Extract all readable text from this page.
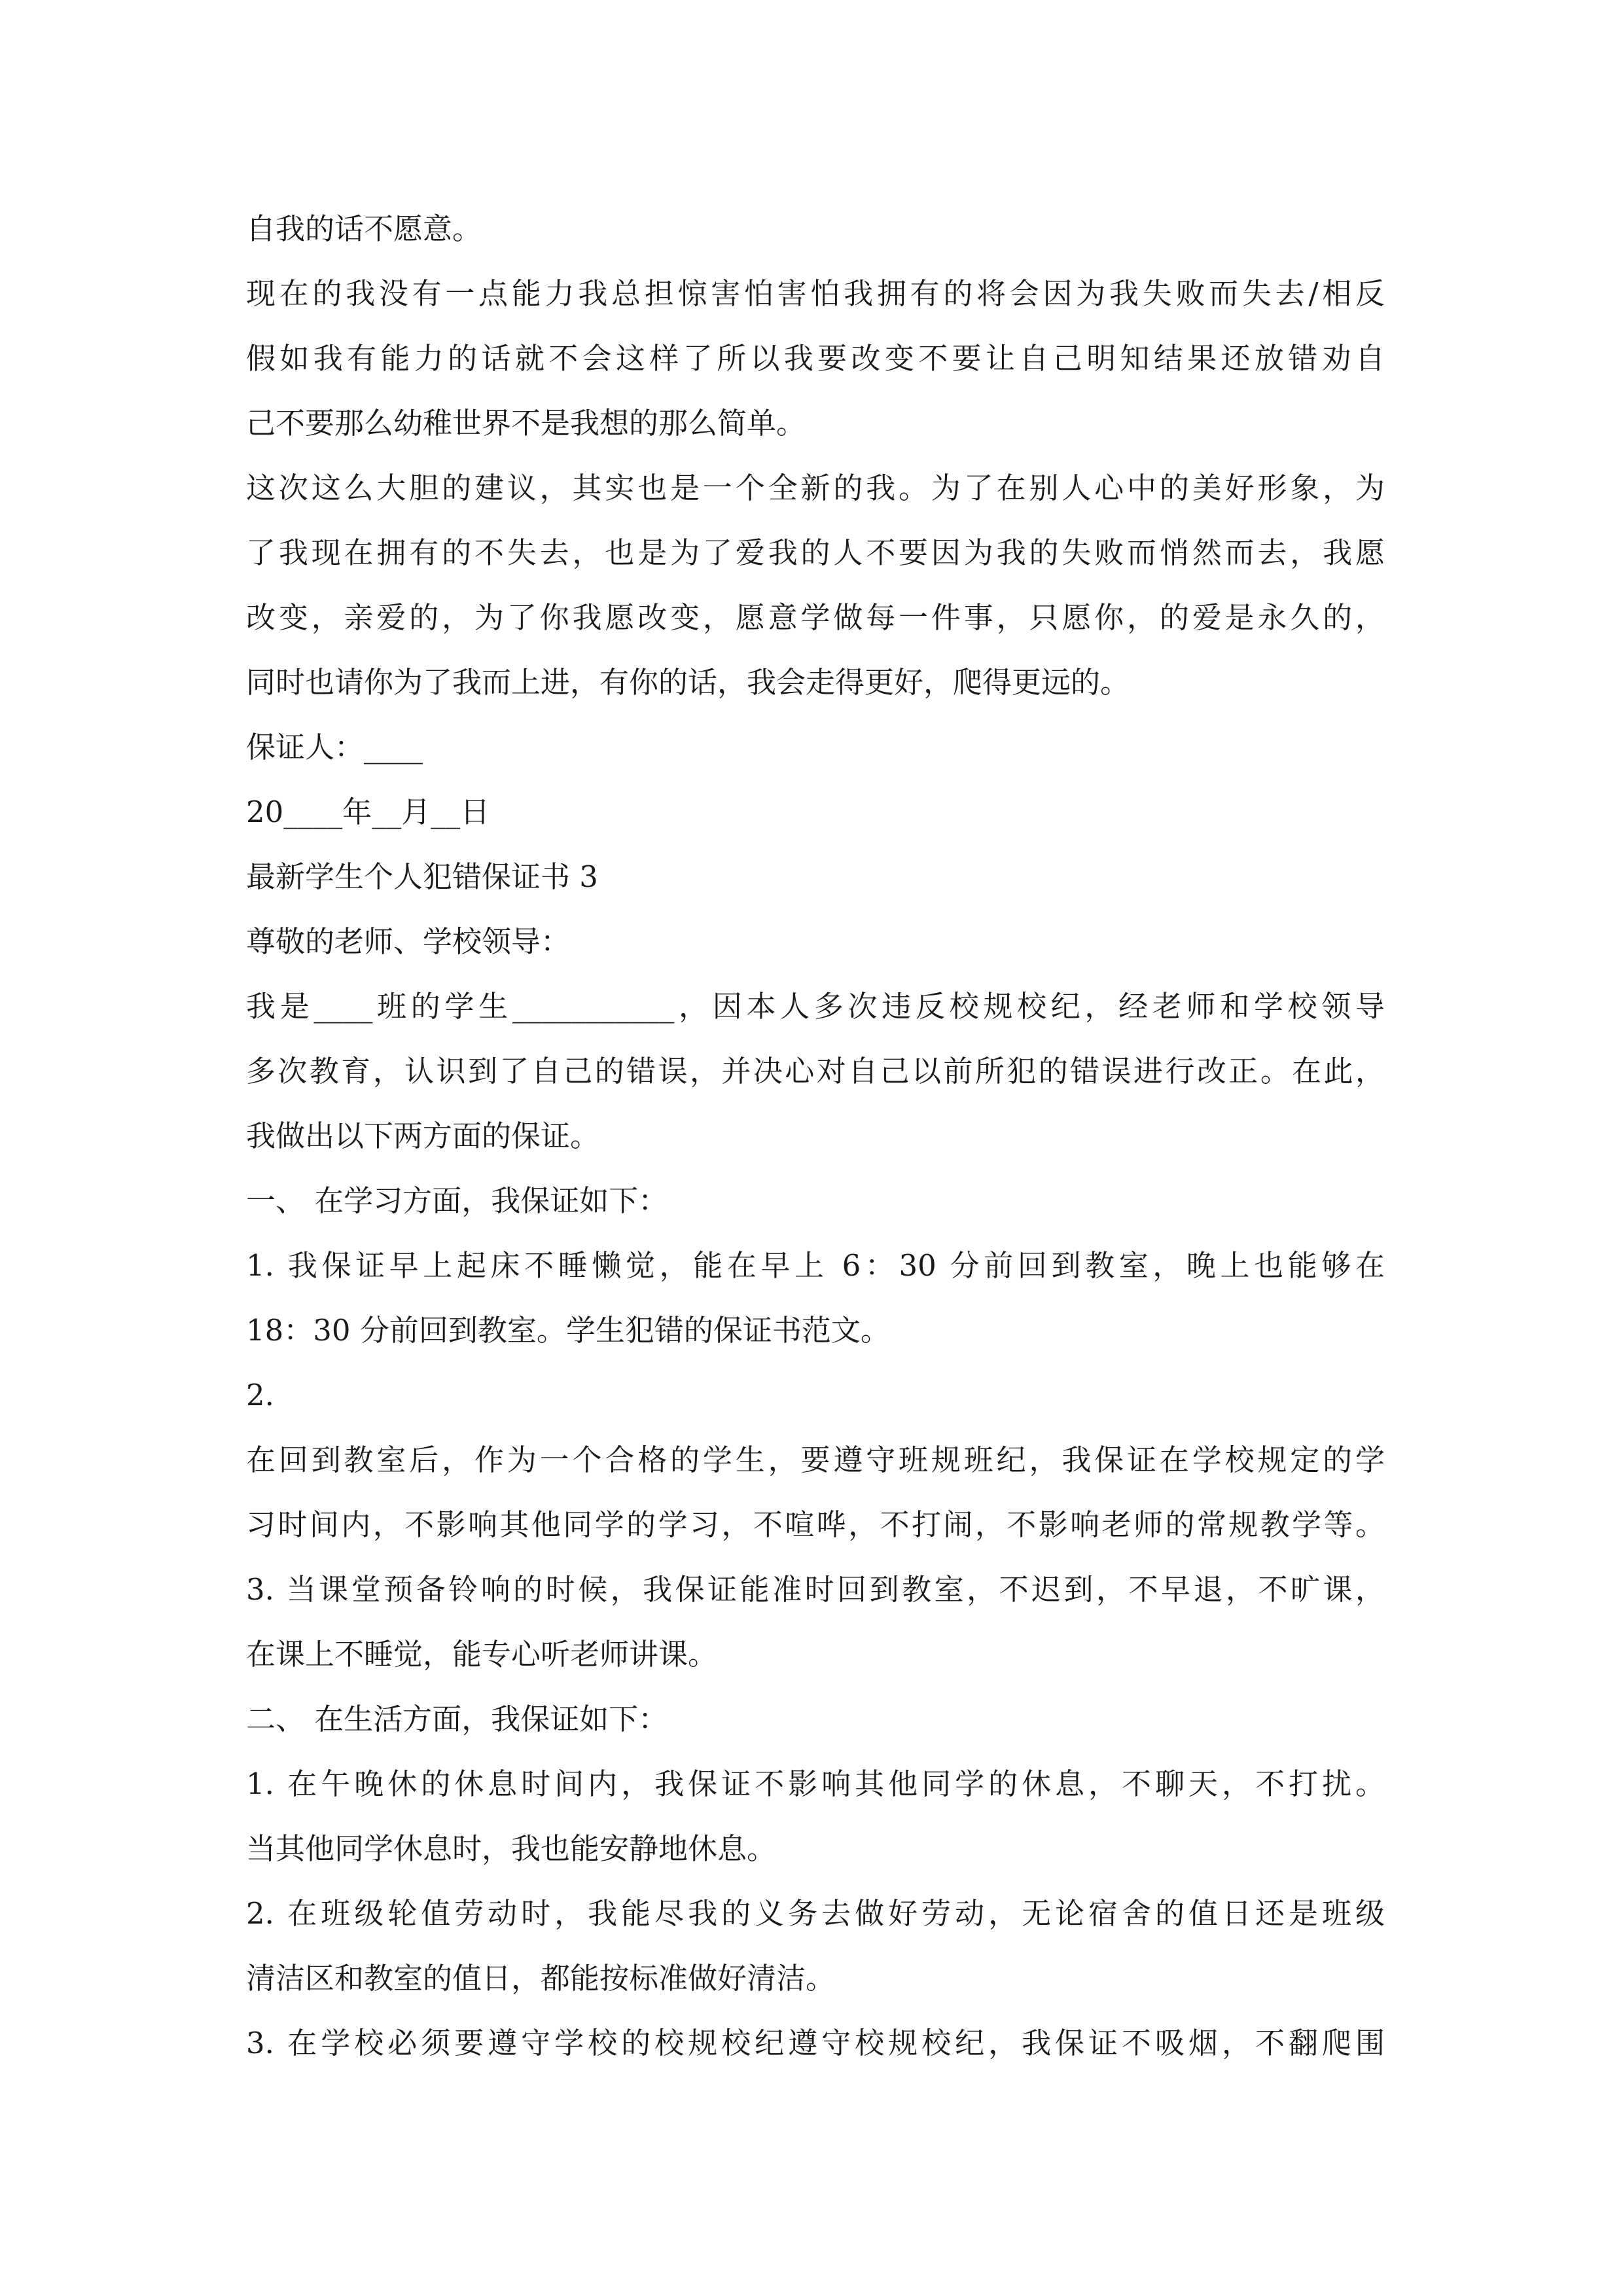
自我的话不愿意。
现在的我没有一点能力我总担惊害怕害怕我拥有的将会因为我失败而失去/相反
假如我有能力的话就不会这样了所以我要改变不要让自己明知结果还放错劝自
己不要那么幼稚世界不是我想的那么简单。
这次这么大胆的建议，其实也是一个全新的我。为了在别人心中的美好形象，为
了我现在拥有的不失去，也是为了爱我的人不要因为我的失败而悄然而去，我愿
改变，亲爱的，为了你我愿改变，愿意学做每一件事，只愿你，的爱是永久的，
同时也请你为了我而上进，有你的话，我会走得更好，爬得更远的。
保证人：____
20____年__月__日
最新学生个人犯错保证书 3
尊敬的老师、学校领导：
我是____班的学生___________，因本人多次违反校规校纪，经老师和学校领导
多次教育，认识到了自己的错误，并决心对自己以前所犯的错误进行改正。在此，
我做出以下两方面的保证。
一、 在学习方面，我保证如下：
1. 我保证早上起床不睡懒觉，能在早上 6：30 分前回到教室，晚上也能够在
18：30 分前回到教室。学生犯错的保证书范文。
2.
在回到教室后，作为一个合格的学生，要遵守班规班纪，我保证在学校规定的学
习时间内，不影响其他同学的学习，不喧哗，不打闹，不影响老师的常规教学等。
3. 当课堂预备铃响的时候，我保证能准时回到教室，不迟到，不早退，不旷课，
在课上不睡觉，能专心听老师讲课。
二、 在生活方面，我保证如下：
1. 在午晚休的休息时间内，我保证不影响其他同学的休息，不聊天，不打扰。
当其他同学休息时，我也能安静地休息。
2. 在班级轮值劳动时，我能尽我的义务去做好劳动，无论宿舍的值日还是班级
清洁区和教室的值日，都能按标准做好清洁。
3. 在学校必须要遵守学校的校规校纪遵守校规校纪，我保证不吸烟，不翻爬围
